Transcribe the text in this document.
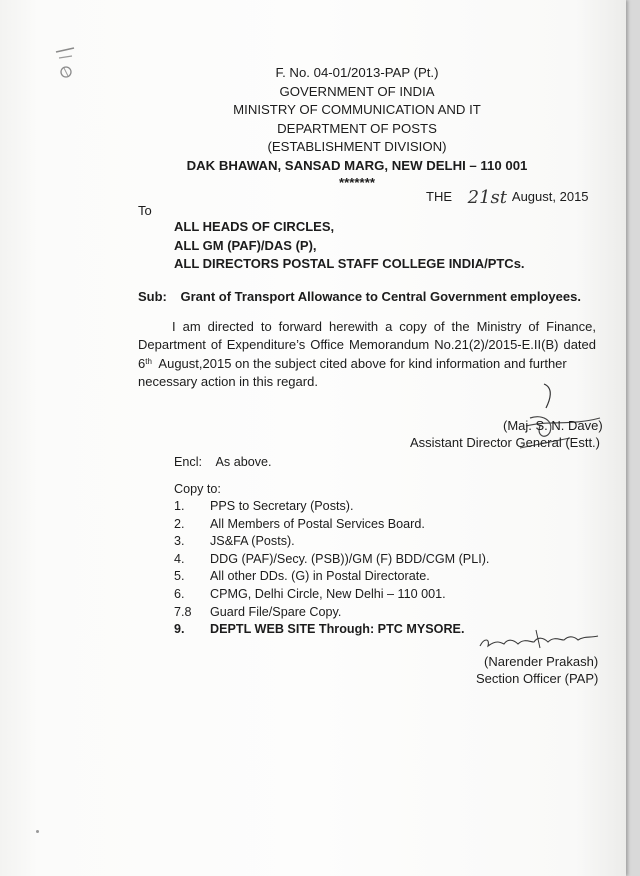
F. No. 04-01/2013-PAP (Pt.)
GOVERNMENT OF INDIA
MINISTRY OF COMMUNICATION AND IT
DEPARTMENT OF POSTS
(ESTABLISHMENT DIVISION)
DAK BHAWAN, SANSAD MARG, NEW DELHI – 110 001
*******
THE 21st August, 2015
To
ALL HEADS OF CIRCLES,
ALL GM (PAF)/DAS (P),
ALL DIRECTORS POSTAL STAFF COLLEGE INDIA/PTCs.
Sub: Grant of Transport Allowance to Central Government employees.
I am directed to forward herewith a copy of the Ministry of Finance,
Department of Expenditure’s Office Memorandum No.21(2)/2015-E.II(B) dated
6th August,2015 on the subject cited above for kind information and further
necessary action in this regard.
(Maj. S. N. Dave)
Assistant Director General (Estt.)
Encl: As above.
Copy to:
1. PPS to Secretary (Posts).
2. All Members of Postal Services Board.
3. JS&FA (Posts).
4. DDG (PAF)/Secy. (PSB))/GM (F) BDD/CGM (PLI).
5. All other DDs. (G) in Postal Directorate.
6. CPMG, Delhi Circle, New Delhi – 110 001.
7.8 Guard File/Spare Copy.
9. DEPTL WEB SITE Through: PTC MYSORE.
(Narender Prakash)
Section Officer (PAP)
